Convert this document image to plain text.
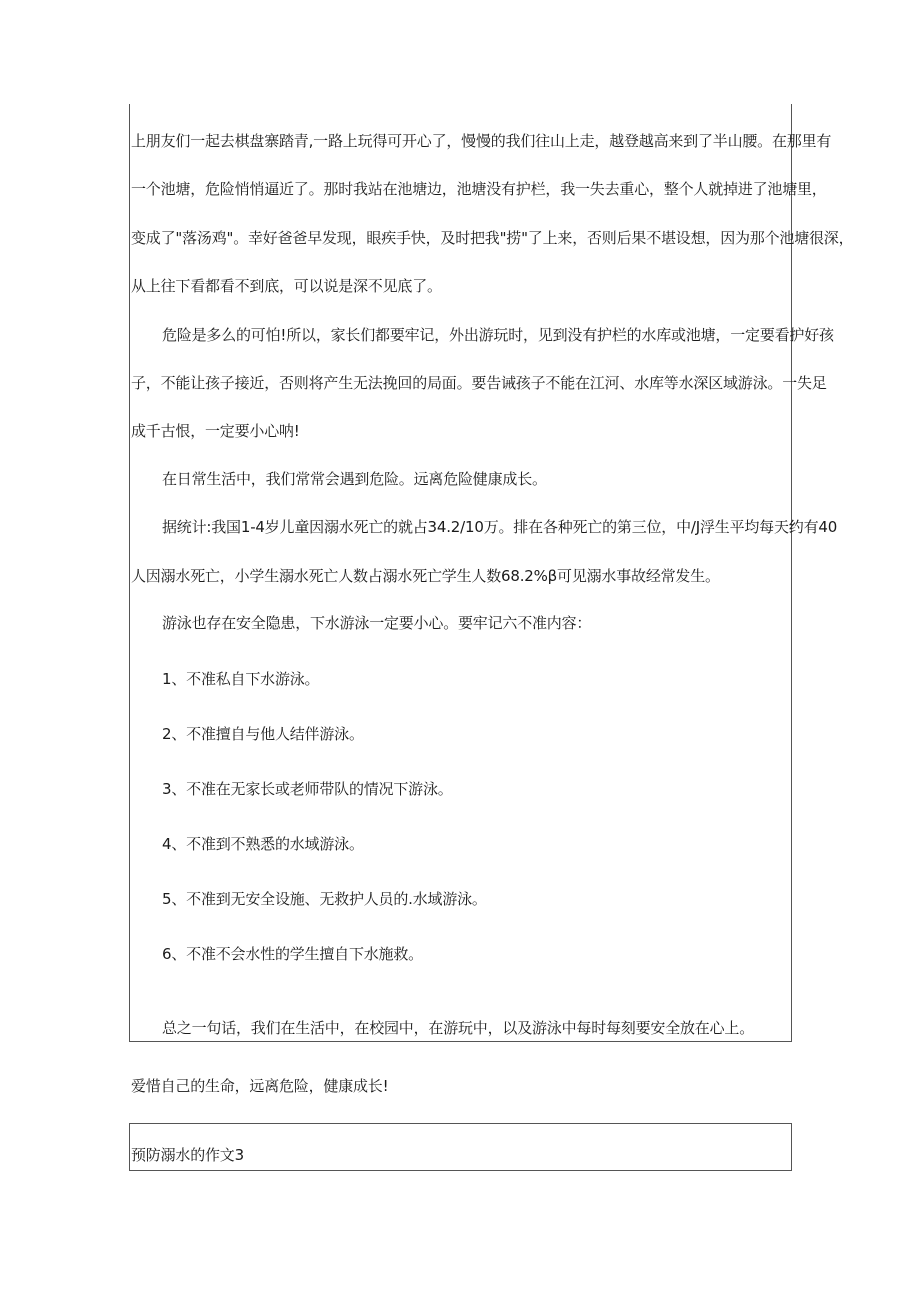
上朋友们一起去棋盘寨踏青,一路上玩得可开心了，慢慢的我们往山上走，越登越高来到了半山腰。在那里有
一个池塘，危险悄悄逼近了。那时我站在池塘边，池塘没有护栏，我一失去重心，整个人就掉进了池塘里，
变成了"落汤鸡"。幸好爸爸早发现，眼疾手快，及时把我"捞"了上来，否则后果不堪设想，因为那个池塘很深，
从上往下看都看不到底，可以说是深不见底了。
危险是多么的可怕!所以，家长们都要牢记，外出游玩时，见到没有护栏的水库或池塘，一定要看护好孩
子，不能让孩子接近，否则将产生无法挽回的局面。要告诫孩子不能在江河、水库等水深区域游泳。一失足
成千古恨，一定要小心呐!
在日常生活中，我们常常会遇到危险。远离危险健康成长。
据统计:我国1-4岁儿童因溺水死亡的就占34.2/10万。排在各种死亡的第三位，中/J浮生平均每天约有40
人因溺水死亡，小学生溺水死亡人数占溺水死亡学生人数68.2%β可见溺水事故经常发生。
游泳也存在安全隐患，下水游泳一定要小心。要牢记六不准内容：
1、不准私自下水游泳。
2、不准擅自与他人结伴游泳。
3、不准在无家长或老师带队的情况下游泳。
4、不准到不熟悉的水域游泳。
5、不准到无安全设施、无救护人员的.水域游泳。
6、不准不会水性的学生擅自下水施救。
总之一句话，我们在生活中，在校园中，在游玩中，以及游泳中每时每刻要安全放在心上。
爱惜自己的生命，远离危险，健康成长!
预防溺水的作文3
